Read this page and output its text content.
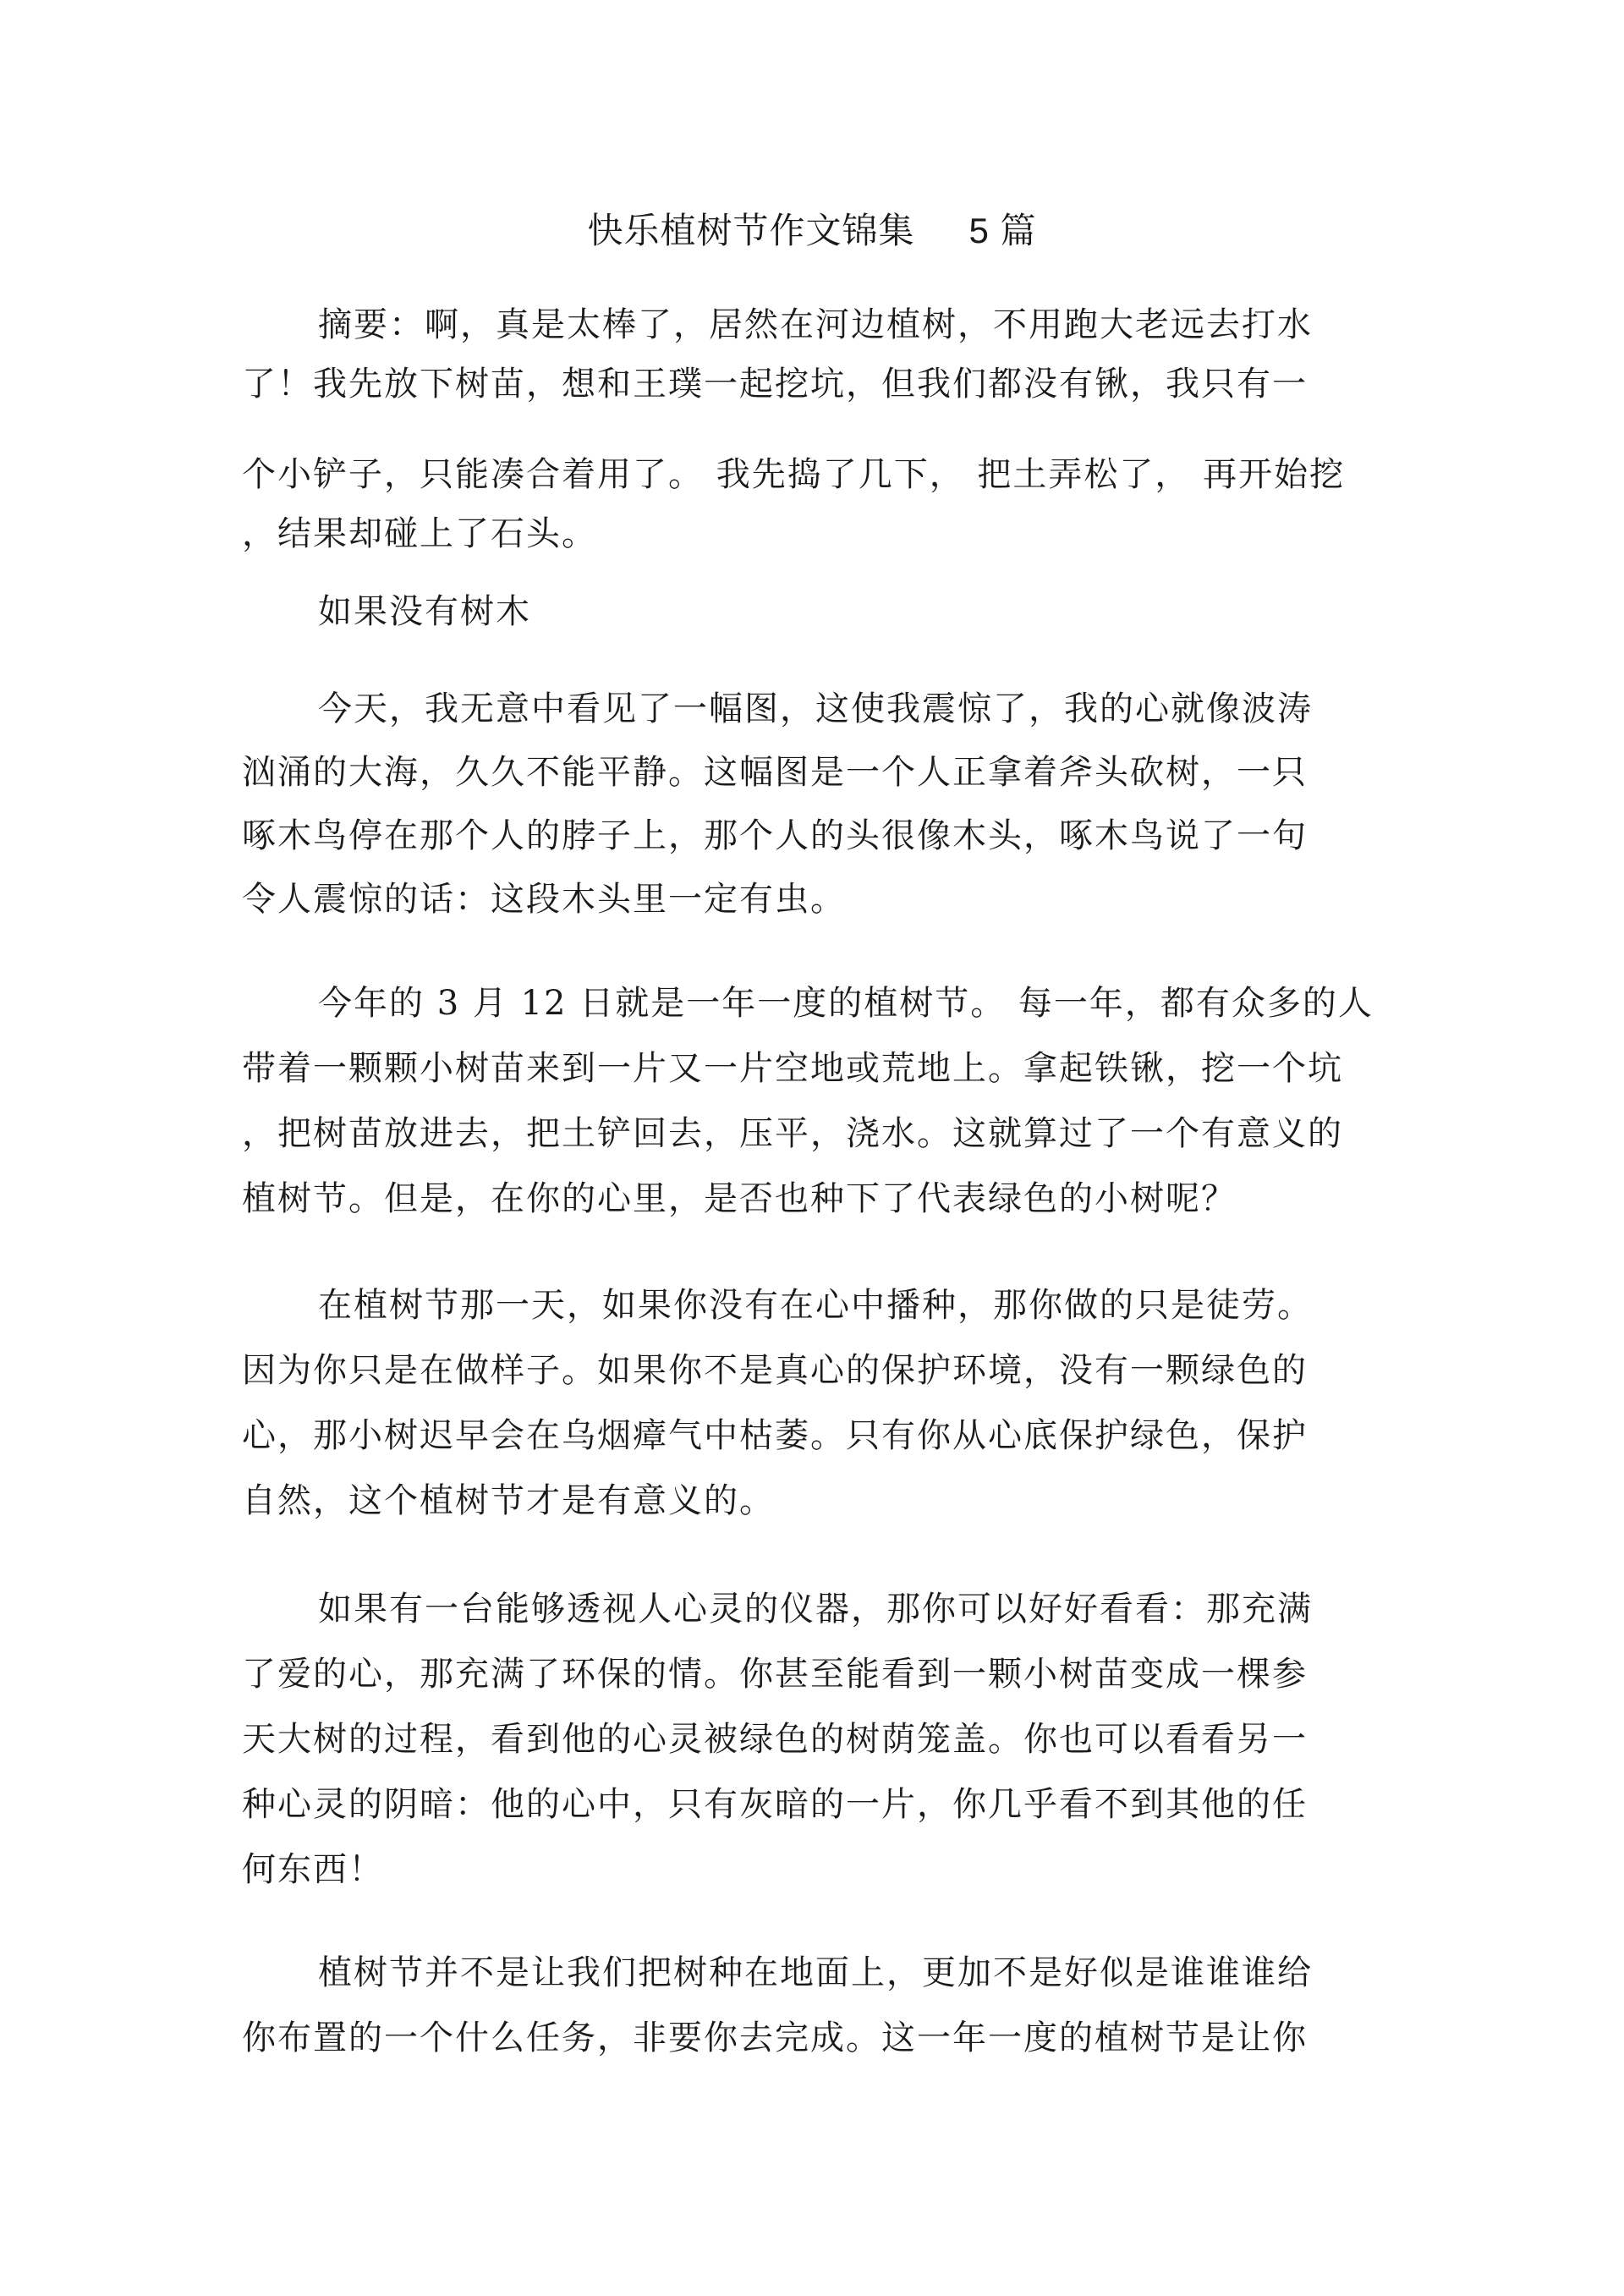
快乐植树节作文锦集 5 篇
摘要：啊，真是太棒了，居然在河边植树，不用跑大老远去打水
了！我先放下树苗，想和王璞一起挖坑，但我们都没有锹，我只有一
个小铲子，只能凑合着用了。 我先捣了几下， 把土弄松了， 再开始挖
，结果却碰上了石头。
如果没有树木
今天，我无意中看见了一幅图，这使我震惊了，我的心就像波涛
汹涌的大海，久久不能平静。这幅图是一个人正拿着斧头砍树，一只
啄木鸟停在那个人的脖子上，那个人的头很像木头，啄木鸟说了一句
令人震惊的话：这段木头里一定有虫。
今年的 3 月 12 日就是一年一度的植树节。 每一年，都有众多的人
带着一颗颗小树苗来到一片又一片空地或荒地上。拿起铁锹，挖一个坑
，把树苗放进去，把土铲回去，压平，浇水。这就算过了一个有意义的
植树节。但是，在你的心里，是否也种下了代表绿色的小树呢？
在植树节那一天，如果你没有在心中播种，那你做的只是徒劳。
因为你只是在做样子。如果你不是真心的保护环境，没有一颗绿色的
心，那小树迟早会在乌烟瘴气中枯萎。只有你从心底保护绿色，保护
自然，这个植树节才是有意义的。
如果有一台能够透视人心灵的仪器，那你可以好好看看：那充满
了爱的心，那充满了环保的情。你甚至能看到一颗小树苗变成一棵参
天大树的过程，看到他的心灵被绿色的树荫笼盖。你也可以看看另一
种心灵的阴暗：他的心中，只有灰暗的一片，你几乎看不到其他的任
何东西！
植树节并不是让我们把树种在地面上，更加不是好似是谁谁谁给
你布置的一个什么任务，非要你去完成。这一年一度的植树节是让你
